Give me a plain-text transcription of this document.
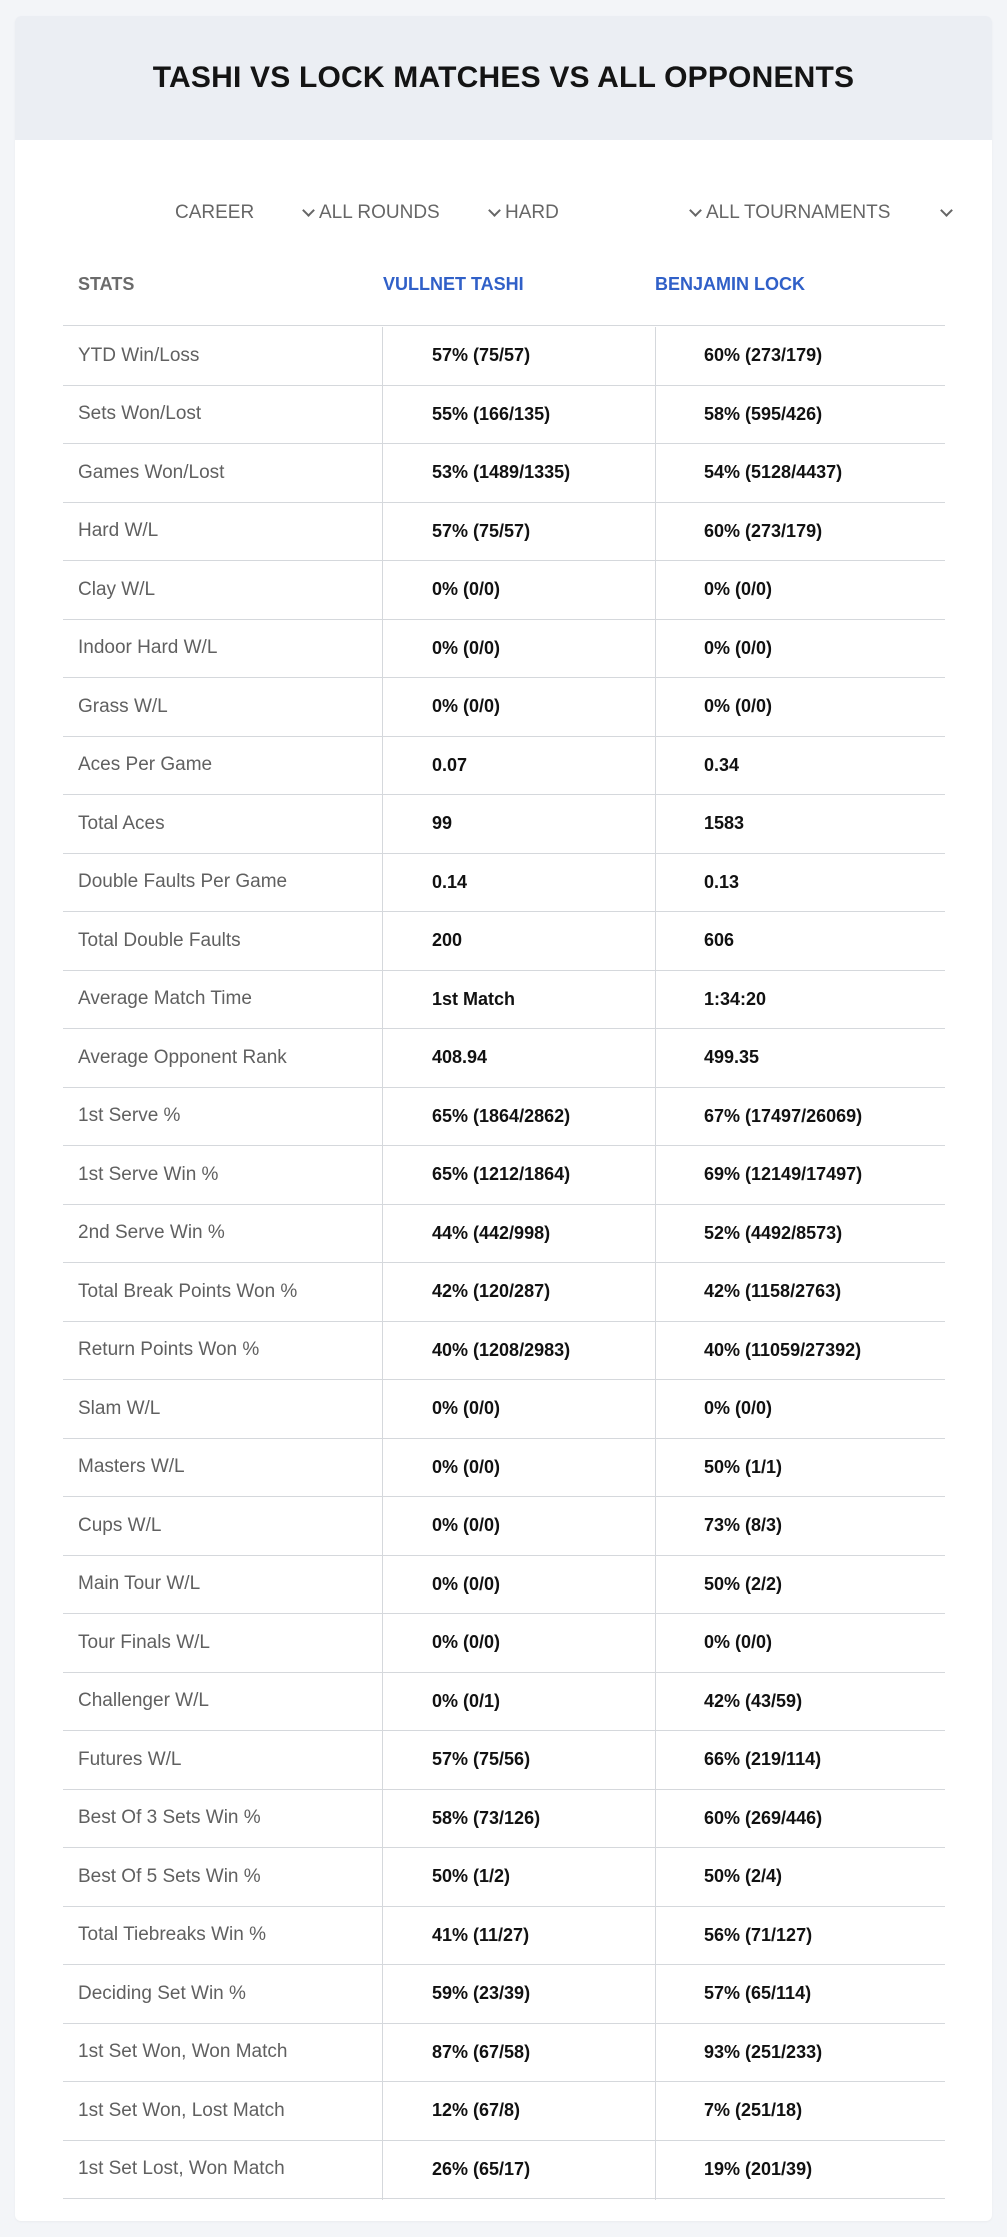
TASHI VS LOCK MATCHES VS ALL OPPONENTS
CAREER	ALL ROUNDS	HARD	ALL TOURNAMENTS
STATS	VULLNET TASHI	BENJAMIN LOCK
YTD Win/Loss	57% (75/57)	60% (273/179)
Sets Won/Lost	55% (166/135)	58% (595/426)
Games Won/Lost	53% (1489/1335)	54% (5128/4437)
Hard W/L	57% (75/57)	60% (273/179)
Clay W/L	0% (0/0)	0% (0/0)
Indoor Hard W/L	0% (0/0)	0% (0/0)
Grass W/L	0% (0/0)	0% (0/0)
Aces Per Game	0.07	0.34
Total Aces	99	1583
Double Faults Per Game	0.14	0.13
Total Double Faults	200	606
Average Match Time	1st Match	1:34:20
Average Opponent Rank	408.94	499.35
1st Serve %	65% (1864/2862)	67% (17497/26069)
1st Serve Win %	65% (1212/1864)	69% (12149/17497)
2nd Serve Win %	44% (442/998)	52% (4492/8573)
Total Break Points Won %	42% (120/287)	42% (1158/2763)
Return Points Won %	40% (1208/2983)	40% (11059/27392)
Slam W/L	0% (0/0)	0% (0/0)
Masters W/L	0% (0/0)	50% (1/1)
Cups W/L	0% (0/0)	73% (8/3)
Main Tour W/L	0% (0/0)	50% (2/2)
Tour Finals W/L	0% (0/0)	0% (0/0)
Challenger W/L	0% (0/1)	42% (43/59)
Futures W/L	57% (75/56)	66% (219/114)
Best Of 3 Sets Win %	58% (73/126)	60% (269/446)
Best Of 5 Sets Win %	50% (1/2)	50% (2/4)
Total Tiebreaks Win %	41% (11/27)	56% (71/127)
Deciding Set Win %	59% (23/39)	57% (65/114)
1st Set Won, Won Match	87% (67/58)	93% (251/233)
1st Set Won, Lost Match	12% (67/8)	7% (251/18)
1st Set Lost, Won Match	26% (65/17)	19% (201/39)
